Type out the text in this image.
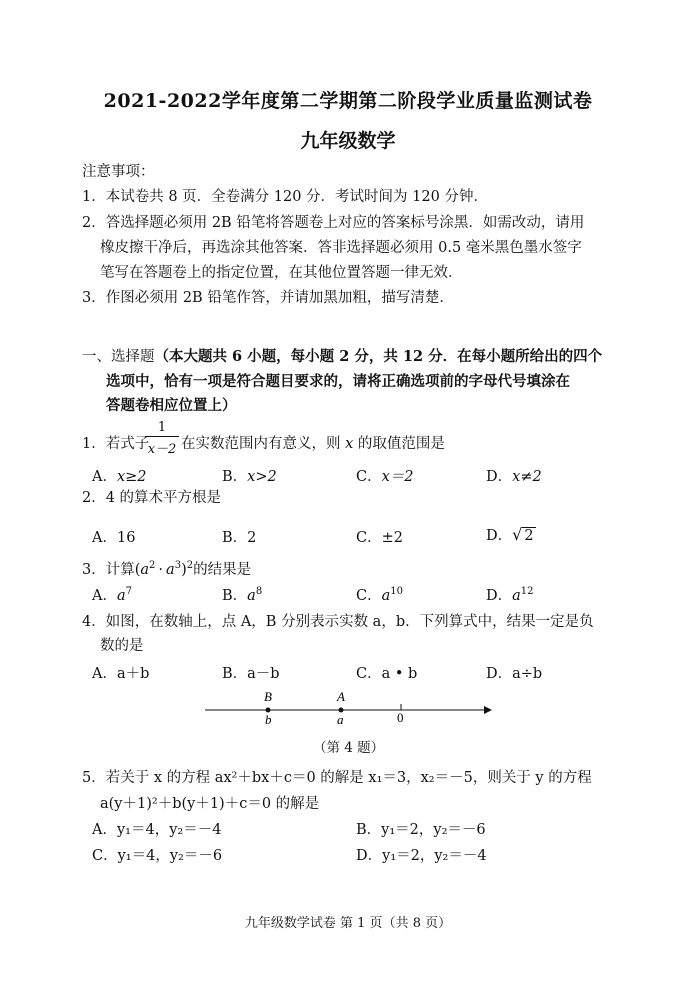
2021-2022学年度第二学期第二阶段学业质量监测试卷
九年级数学
注意事项：
1．本试卷共 8 页．全卷满分 120 分．考试时间为 120 分钟．
2．答选择题必须用 2B 铅笔将答题卷上对应的答案标号涂黑．如需改动，请用
橡皮擦干净后，再选涂其他答案．答非选择题必须用 0.5 毫米黑色墨水签字
笔写在答题卷上的指定位置，在其他位置答题一律无效．
3．作图必须用 2B 铅笔作答，并请加黑加粗，描写清楚．
一、选择题（本大题共 6 小题，每小题 2 分，共 12 分．在每小题所给出的四个
选项中，恰有一项是符合题目要求的，请将正确选项前的字母代号填涂在
答题卷相应位置上）
1．若式子
1
x－2 在实数范围内有意义，则 x 的取值范围是
A．x≥2	B．x>2	C．x＝2	D．x≠2
2．4 的算术平方根是
A．16	B．2	C．±2	D．√ 2
3．计算$(a^2 \cdot a^3)^2$的结果是
A．$a^7$	B．$a^8$	C．$a^{10}$	D．$a^{12}$
4．如图，在数轴上，点 A，B 分别表示实数 a，b．下列算式中，结果一定是负
数的是
A．a＋b	B．a－b	C．a • b	D．a÷b
B
b
A
a	0
（第 4 题）
5．若关于 x 的方程 ax²＋bx＋c＝0 的解是 x₁＝3，x₂＝－5，则关于 y 的方程
a(y＋1)²＋b(y＋1)＋c＝0 的解是
A．y₁＝4，y₂＝－4	B．y₁＝2，y₂＝－6
C．y₁＝4，y₂＝－6	D．y₁＝2，y₂＝－4
九年级数学试卷 第 1 页（共 8 页）
